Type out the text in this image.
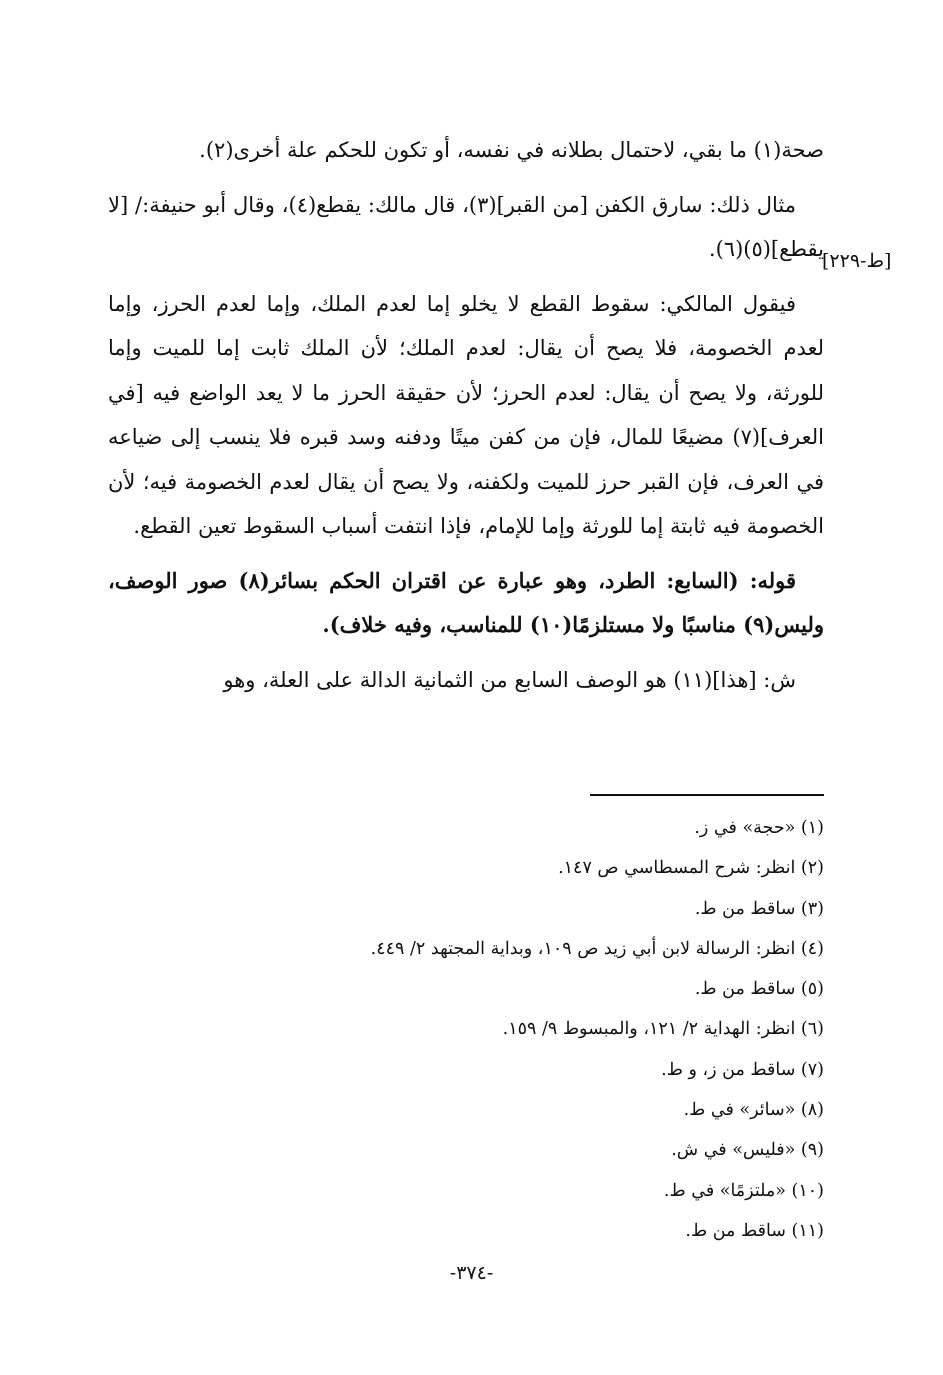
صحة(١) ما بقي، لاحتمال بطلانه في نفسه، أو تكون للحكم علة أخرى(٢).

مثال ذلك: سارق الكفن [من القبر](٣)، قال مالك: يقطع(٤)، وقال أبو حنيفة:/ [لا يقطع](٥)(٦).

فيقول المالكي: سقوط القطع لا يخلو إما لعدم الملك، وإما لعدم الحرز، وإما لعدم الخصومة، فلا يصح أن يقال: لعدم الملك؛ لأن الملك ثابت إما للميت وإما للورثة، ولا يصح أن يقال: لعدم الحرز؛ لأن حقيقة الحرز ما لا يعد الواضع فيه [في العرف](٧) مضيعًا للمال، فإن من كفن ميتًا ودفنه وسد قبره فلا ينسب إلى ضياعه في العرف، فإن القبر حرز للميت ولكفنه، ولا يصح أن يقال لعدم الخصومة فيه؛ لأن الخصومة فيه ثابتة إما للورثة وإما للإمام، فإذا انتفت أسباب السقوط تعين القطع.

قوله: (السابع: الطرد، وهو عبارة عن اقتران الحكم بسائر(٨) صور الوصف، وليس(٩) مناسبًا ولا مستلزمًا(١٠) للمناسب، وفيه خلاف).

ش: [هذا](١١) هو الوصف السابع من الثمانية الدالة على العلة، وهو

[ط-٢٢٩]
(١) «حجة» في ز.
(٢) انظر: شرح المسطاسي ص ١٤٧.
(٣) ساقط من ط.
(٤) انظر: الرسالة لابن أبي زيد ص ١٠٩، وبداية المجتهد ٢/ ٤٤٩.
(٥) ساقط من ط.
(٦) انظر: الهداية ٢/ ١٢١، والمبسوط ٩/ ١٥٩.
(٧) ساقط من ز، و ط.
(٨) «سائر» في ط.
(٩) «فليس» في ش.
(١٠) «ملتزمًا» في ط.
(١١) ساقط من ط.
-٣٧٤-
